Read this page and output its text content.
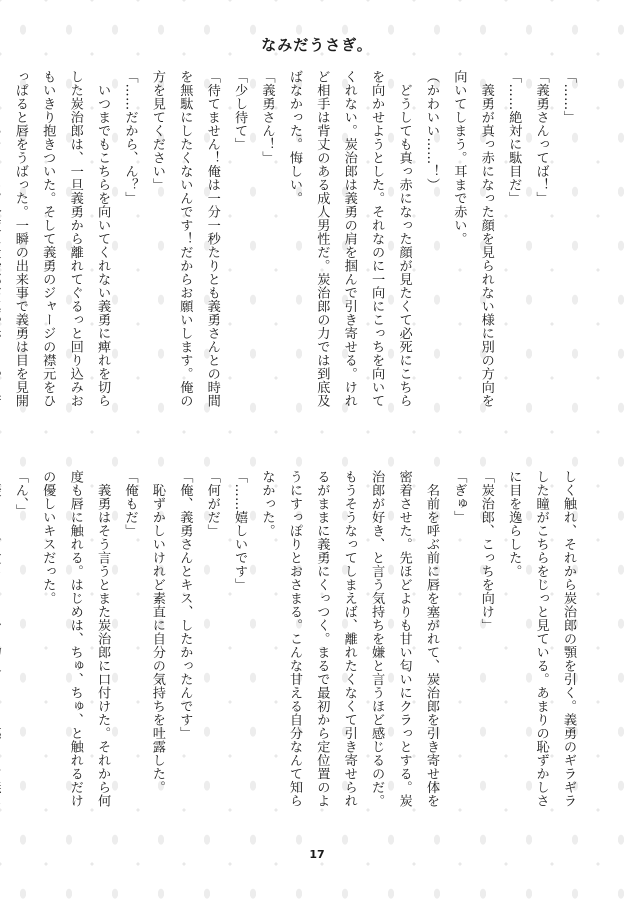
なみだうさぎ。
「……」
「義勇さんってば！」
「……絶対に駄目だ」
　義勇が真っ赤になった顔を見られない様に別の方向を
向いてしまう。耳まで赤い。
（かわいい……！）
　どうしても真っ赤になった顔が見たくて必死にこちら
を向かせようとした。それなのに一向にこっちを向いて
くれない。炭治郎は義勇の肩を掴んで引き寄せる。けれ
ど相手は背丈のある成人男性だ。炭治郎の力では到底及
ばなかった。悔しい。
「義勇さん！」
「少し待て」
「待てません！俺は一分一秒たりとも義勇さんとの時間
を無駄にしたくないんです！だからお願いします。俺の
方を見てください」
「……だから、ん？」
　いつまでもこちらを向いてくれない義勇に痺れを切ら
した炭治郎は、一旦義勇から離れてぐるっと回り込みお
もいきり抱きついた。そして義勇のジャージの襟元をひ
っぱると唇をうばった。一瞬の出来事で義勇は目を見開
しく触れ、それから炭治郎の顎を引く。義勇のギラギラ
した瞳がこちらをじっと見ている。あまりの恥ずかしさ
に目を逸らした。
「炭治郎、こっちを向け」
「ぎゅ」
　名前を呼ぶ前に唇を塞がれて、炭治郎を引き寄せ体を
密着させた。先ほどよりも甘い匂いにクラっとする。炭
治郎が好き、と言う気持ちを嫌と言うほど感じるのだ。
もうそうなってしまえば、離れたくなくて引き寄せられ
るがままに義勇にくっつく。まるで最初から定位置のよ
うにすっぽりとおさまる。こんな甘える自分なんて知ら
なかった。
「……嬉しいです」
「何がだ」
「俺、義勇さんとキス、したかったんです」
　恥ずかしいけれど素直に自分の気持ちを吐露した。
「俺もだ」
　義勇はそう言うとまた炭治郎に口付けた。それから何
度も唇に触れる。はじめは、ちゅ、ちゅ、と触れるだけ
の優しいキスだった。
「ん、」
17
